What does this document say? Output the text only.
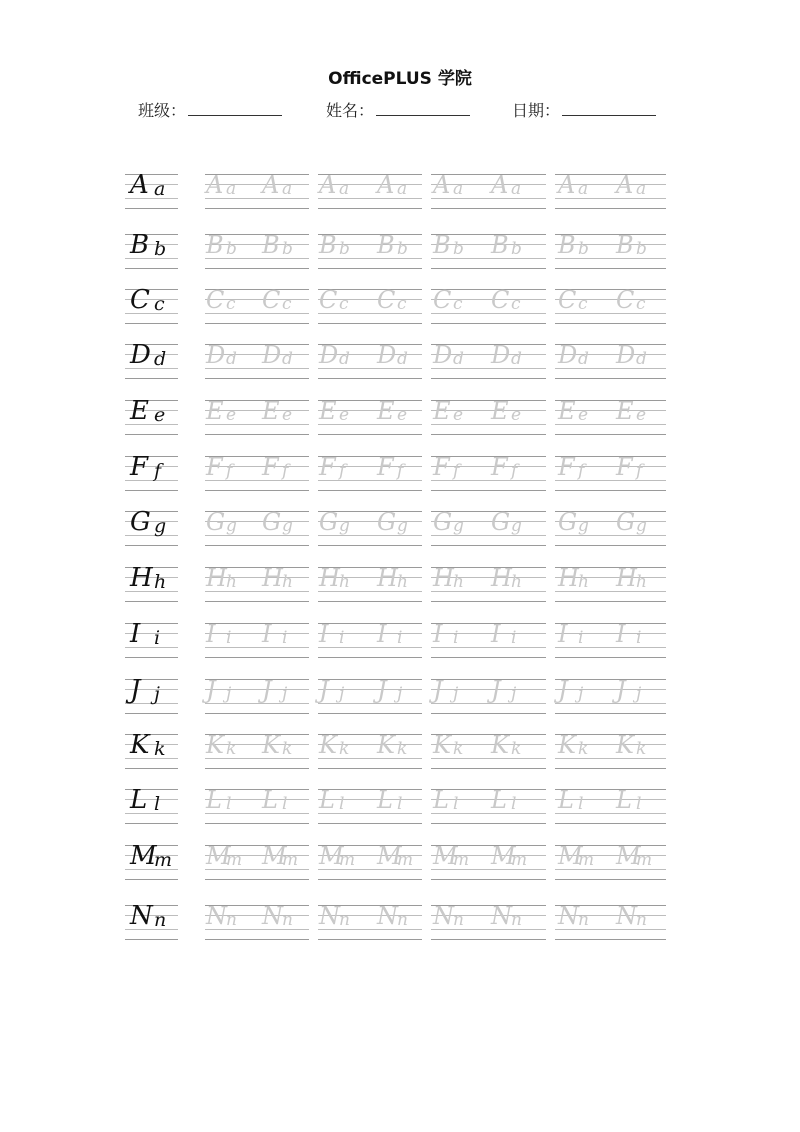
OfficePLUS 学院
班级：	姓名：	日期：
A a A a A a A a A a A a A a A a A a
B b B b B b B b B b B b B b B b B b
C c C c C c C c C c C c C c C c C c
D d D d D d D d D d D d D d D d D d
E e E e E e E e E e E e E e E e E e
F f F f F f F f F f F f F f F f F f
G g G g G g G g G g G g G g G g G g
H h H h H h H h H h H h H h H h H h
I i I i I i I i I i I i I i I i I i
J j J j J j J j J j J j J j J j J j
K k K k K k K k K k K k K k K k K k
L l L l L l L l L l L l L l L l L l
M
m M
m M
m M
m M
m M
m M
m M
m M
m
N n N n N n N n N n N n N n N n N n
